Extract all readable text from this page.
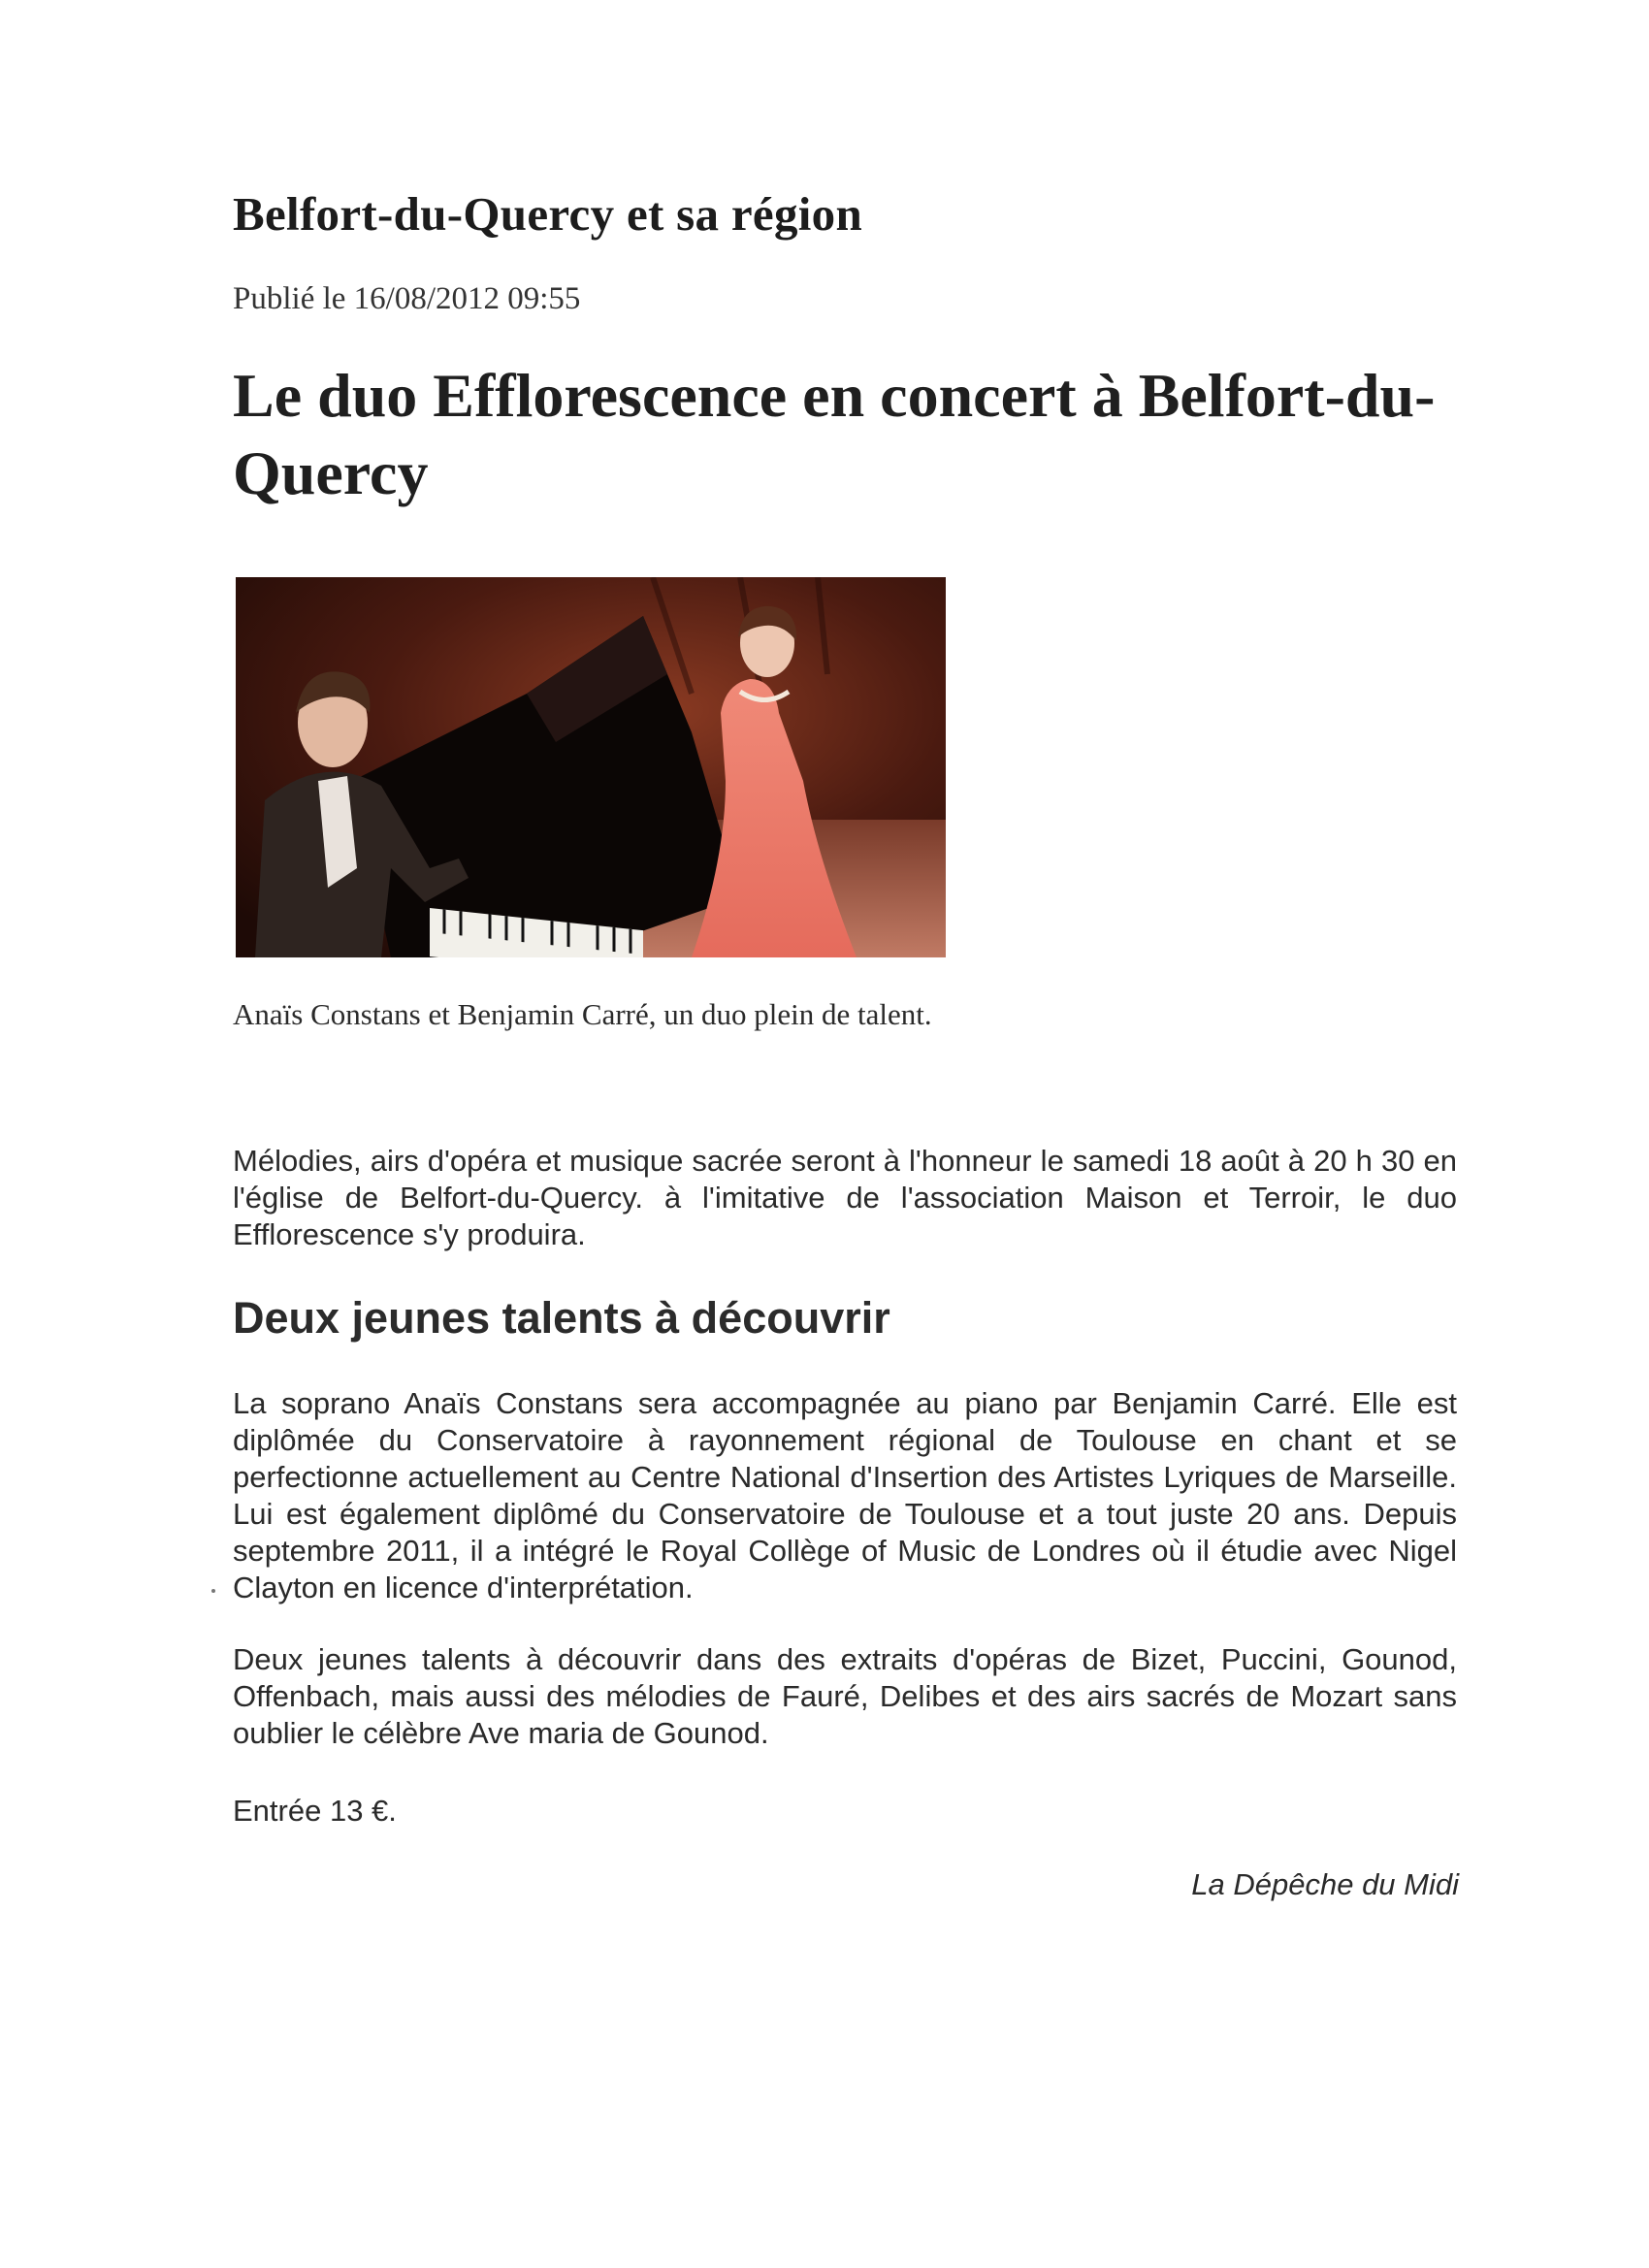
Belfort-du-Quercy et sa région
Publié le 16/08/2012 09:55
Le duo Efflorescence en concert à Belfort-du-Quercy
Anaïs Constans et Benjamin Carré, un duo plein de talent.

Mélodies, airs d'opéra et musique sacrée seront à l'honneur le samedi 18 août à 20 h 30 en l'église de Belfort-du-Quercy. à l'imitative de l'association Maison et Terroir, le duo Efflorescence s'y produira.

Deux jeunes talents à découvrir

La soprano Anaïs Constans sera accompagnée au piano par Benjamin Carré. Elle est diplômée du Conservatoire à rayonnement régional de Toulouse en chant et se perfectionne actuellement au Centre National d'Insertion des Artistes Lyriques de Marseille. Lui est également diplômé du Conservatoire de Toulouse et a tout juste 20 ans. Depuis septembre 2011, il a intégré le Royal Collège of Music de Londres où il étudie avec Nigel Clayton en licence d'interprétation.

Deux jeunes talents à découvrir dans des extraits d'opéras de Bizet, Puccini, Gounod, Offenbach, mais aussi des mélodies de Fauré, Delibes et des airs sacrés de Mozart sans oublier le célèbre Ave maria de Gounod.

Entrée 13 €.

La Dépêche du Midi
